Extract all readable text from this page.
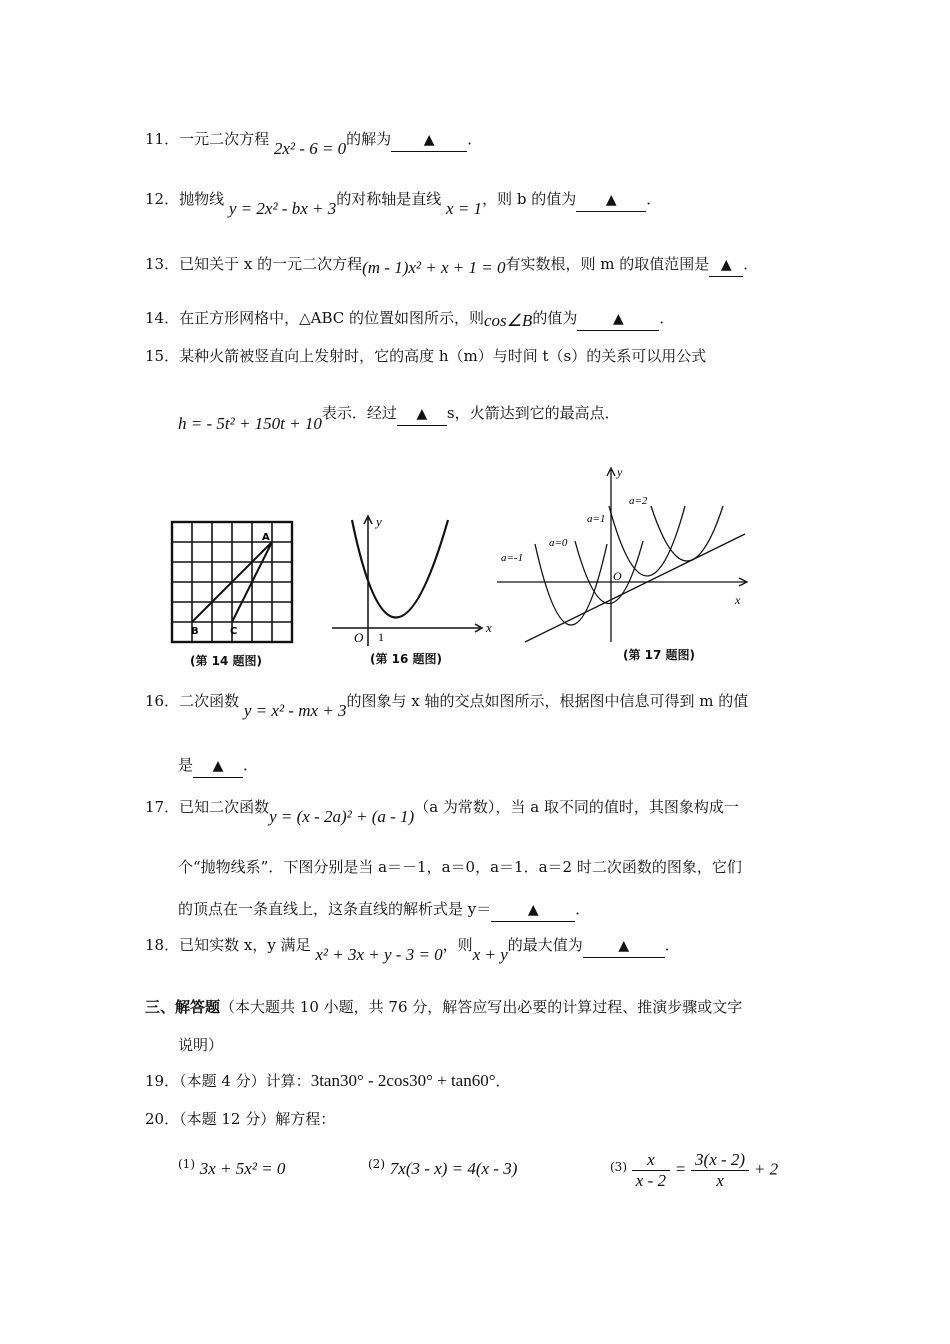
11．一元二次方程 2x² - 6 = 0的解为 ▲ ．
12．抛物线 y = 2x² - bx + 3的对称轴是直线 x = 1，则 b 的值为 ▲ ．
13．已知关于 x 的一元二次方程(m - 1)x² + x + 1 = 0有实数根，则 m 的取值范围是 ▲ ．
14．在正方形网格中，△ABC 的位置如图所示，则cos∠B的值为	▲ ．
15．某种火箭被竖直向上发射时，它的高度 h（m）与时间 t（s）的关系可以用公式
h = - 5t² + 150t + 10表示．经过 ▲ s，火箭达到它的最高点．
A
B	C
(第 14 题图)
x
y
O 1
(第 16 题图)
x
y
O
a=-1
a=0
a=1
a=2
(第 17 题图)
16．二次函数 y = x² - mx + 3的图象与 x 轴的交点如图所示，根据图中信息可得到 m 的值
是 ▲ ．
17．已知二次函数y = (x - 2a)² + (a - 1)（a 为常数），当 a 取不同的值时，其图象构成一
个“抛物线系”．下图分别是当 a＝－1，a＝0，a＝1．a＝2 时二次函数的图象，它们
的顶点在一条直线上，这条直线的解析式是 y＝	▲ ．
18．已知实数 x，y 满足 x² + 3x + y - 3 = 0，则x + y的最大值为	▲ ．
三、解答题（本大题共 10 小题，共 76 分，解答应写出必要的计算过程、推演步骤或文字
说明）
19．（本题 4 分）计算：3tan30° - 2cos30° + tan60°．
20．（本题 12 分）解方程：
$^{(1)}$ 3x + 5x² = 0	$^{(2)}$ 7x(3 - x) = 4(x - 3)	$^{(3)} \frac{x}{x - 2} = \frac{3(x - 2)}{x} + 2$
